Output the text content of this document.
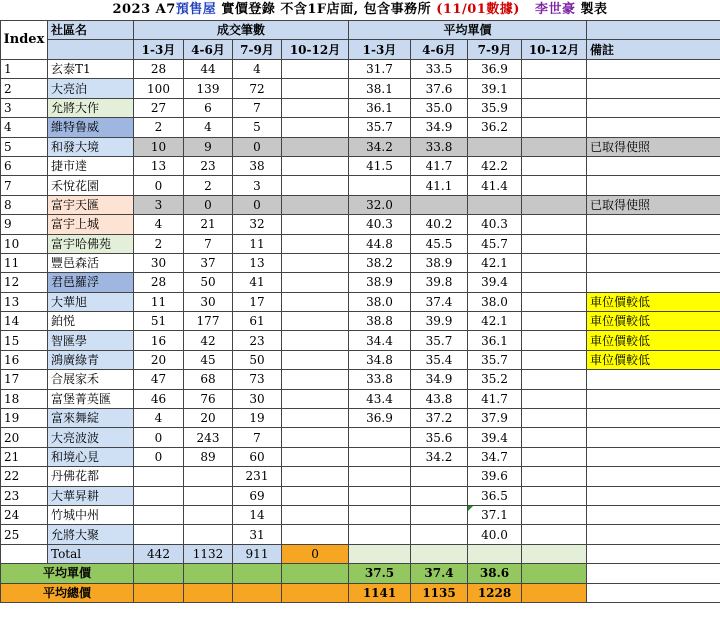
2023 A7預售屋 實價登錄 不含1F店面, 包含事務所 (11/01數據) 李世豪 製表
Index	社區名	成交筆數				平均單價				
		1-3月	4-6月	7-9月	10-12月	1-3月	4-6月	7-9月	10-12月	備註
1	玄泰T1	28	44	4		31.7	33.5	36.9		
2	大亮泊	100	139	72		38.1	37.6	39.1		
3	允將大作	27	6	7		36.1	35.0	35.9		
4	維特鲁威	2	4	5		35.7	34.9	36.2		
5	和發大境	10	9	0		34.2	33.8			已取得使照
6	捷市達	13	23	38		41.5	41.7	42.2		
7	禾悅花園	0	2	3			41.1	41.4		
8	富宇天匯	3	0	0		32.0				已取得使照
9	富宇上城	4	21	32		40.3	40.2	40.3		
10	富宇哈佛苑	2	7	11		44.8	45.5	45.7		
11	豐邑森活	30	37	13		38.2	38.9	42.1		
12	君邑羅浮	28	50	41		38.9	39.8	39.4		
13	大華旭	11	30	17		38.0	37.4	38.0		車位價較低
14	鉑悦	51	177	61		38.8	39.9	42.1		車位價較低
15	智匯學	16	42	23		34.4	35.7	36.1		車位價較低
16	鴻廣綠青	20	45	50		34.8	35.4	35.7		車位價較低
17	合展家禾	47	68	73		33.8	34.9	35.2		
18	富堡菁英匯	46	76	30		43.4	43.8	41.7		
19	富來舞綻	4	20	19		36.9	37.2	37.9		
20	大亮波波	0	243	7			35.6	39.4		
21	和境心見	0	89	60			34.2	34.7		
22	丹佛花都			231				39.6		
23	大華昇耕			69				36.5		
24	竹城中州			14				37.1		
25	允將大聚			31				40.0		
	Total	442	1132	911	0					
平均單價						37.5	37.4	38.6		
平均總價						1141	1135	1228		
